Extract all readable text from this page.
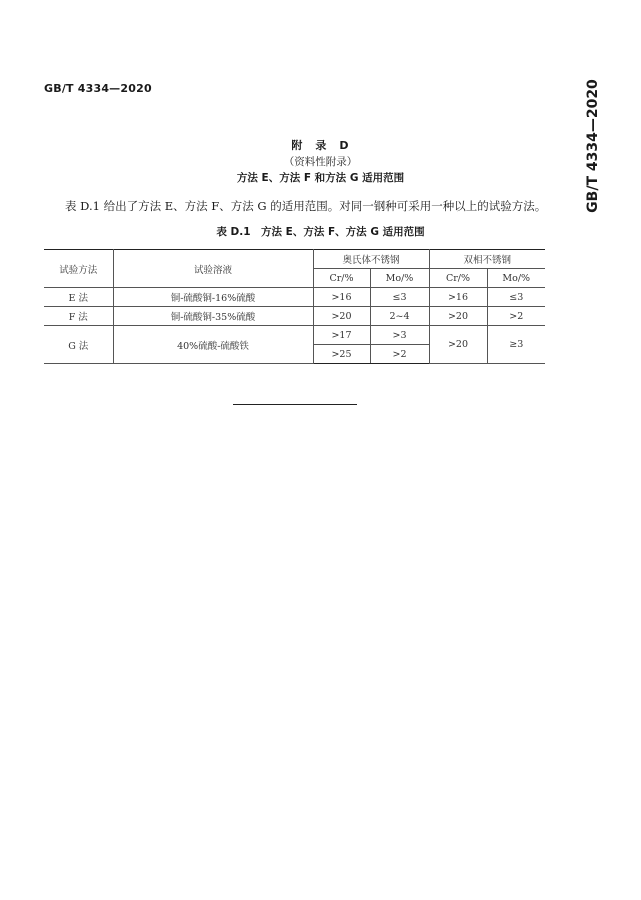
GB/T 4334—2020	GB/T 4334—2020
附　录　D
（资料性附录）
方法 E、方法 F 和方法 G 适用范围
表 D.1 给出了方法 E、方法 F、方法 G 的适用范围。对同一钢种可采用一种以上的试验方法。
表 D.1　方法 E、方法 F、方法 G 适用范围
试验方法	试验溶液	奥氏体不锈钢		双相不锈钢	
		Cr/%	Mo/%	Cr/%	Mo/%
E 法	铜-硫酸铜-16%硫酸	>16	≤3	>16	≤3
F 法	铜-硫酸铜-35%硫酸	>20	2~4	>20	>2
G 法	40%硫酸-硫酸铁	>17	>3	>20	≥3
		>25	>2		
